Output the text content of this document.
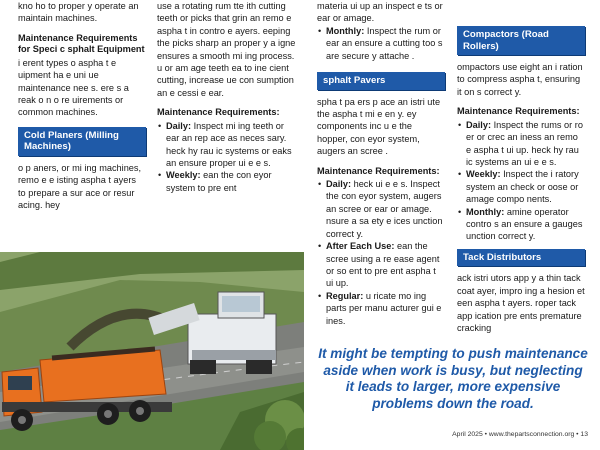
kno ho to proper y operate an maintain machines.

Maintenance Requirements for Speci c sphalt Equipment

i erent types o aspha t e uipment ha e uni ue maintenance nee s. ere s a reak o n o re uirements or common machines.

Cold Planers (Milling Machines)

o p aners, or mi ing machines, remo e e isting aspha t ayers to prepare a sur ace or resur acing. hey

use a rotating rum tte ith cutting teeth or picks that grin an remo e aspha t in contro e ayers. eeping the picks sharp an proper y a igne ensures a smooth mi ing process. u or am age teeth ea to ine cient cutting, increase ue con sumption an e cessi e ear.

Maintenance Requirements:
• Daily: Inspect mi ing teeth or ear an rep ace as neces sary. heck hy rau ic systems or eaks an ensure proper ui e e s.
• Weekly: ean the con eyor system to pre ent
materia ui up an inspect e ts or ear or amage.
• Monthly: Inspect the rum or ear an ensure a cutting too s are secure y attache .
sphalt Pavers

spha t pa ers p ace an istri ute the aspha t mi e en y. ey components inc u e the hopper, con eyor system, augers an scree .

Maintenance Requirements:
• Daily: heck ui e e s. Inspect the con eyor system, augers an scree or ear or amage. nsure a sa ety e ices unction correct y.
• After Each Use: ean the scree using a re ease agent or so ent to pre ent aspha t ui up.
• Regular: u ricate mo ing parts per manu acturer gui e ines.
Compactors (Road Rollers)

ompactors use eight an i ration to compress aspha t, ensuring it on s correct y.

Maintenance Requirements:
• Daily: Inspect the rums or ro er or crec an iness an remo e aspha t ui up. heck hy rau ic systems an ui e e s.
• Weekly: Inspect the i ratory system an check or oose or amage compo nents.
• Monthly: amine operator contro s an ensure a gauges unction correct y.
Tack Distributors

ack istri utors app y a thin tack coat ayer, impro ing a hesion et een aspha t ayers. roper tack app ication pre ents premature cracking

It might be tempting to push maintenance aside when work is busy, but neglecting it leads to larger, more expensive problems down the road.
April 2025 • www.thepartsconnection.org • 13
